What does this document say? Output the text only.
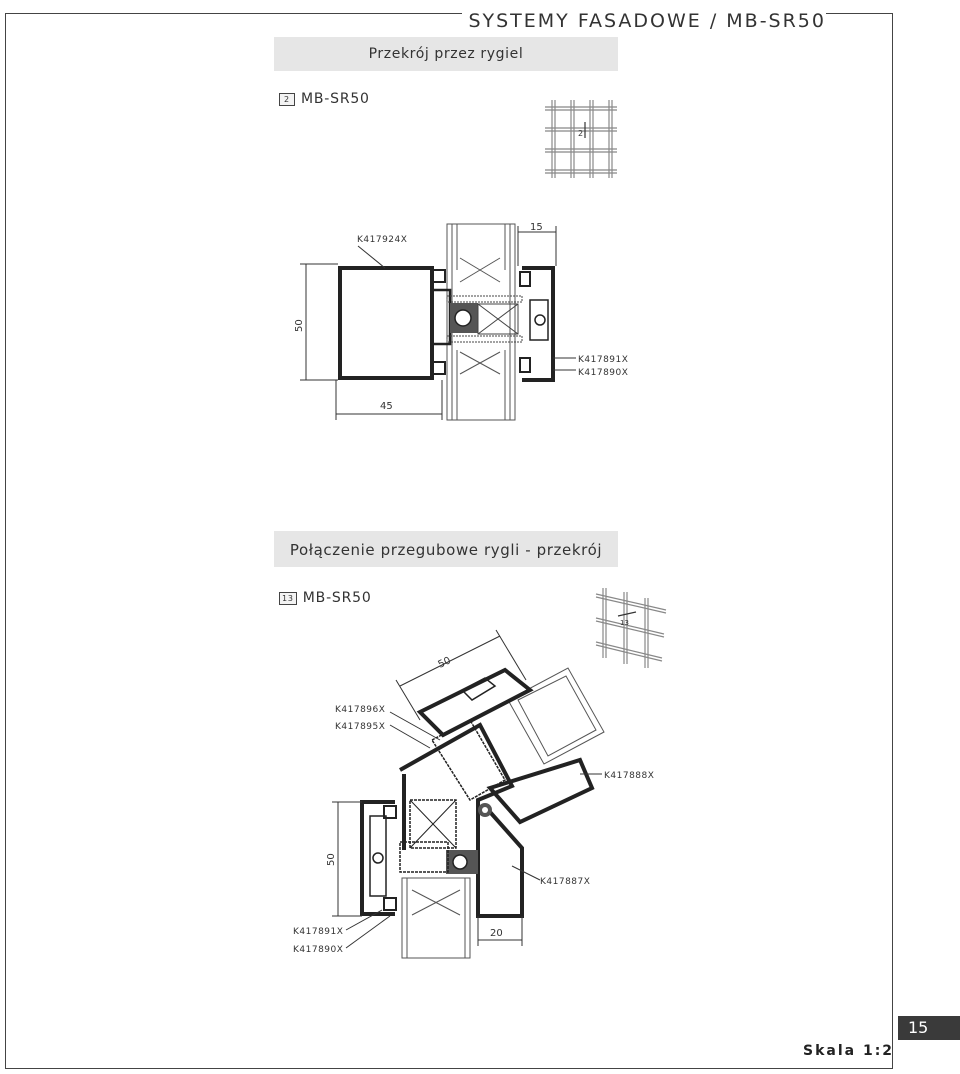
SYSTEMY FASADOWE / MB-SR50
Przekrój przez rygiel
2 MB-SR50
Połączenie przegubowe rygli - przekrój
13 MB-SR50
2
15
50
45
K417924X
K417891X
K417890X
13
50
50
20
K417896X
K417895X
K417888X
K417887X
K417891X
K417890X
15
Skala 1:2
